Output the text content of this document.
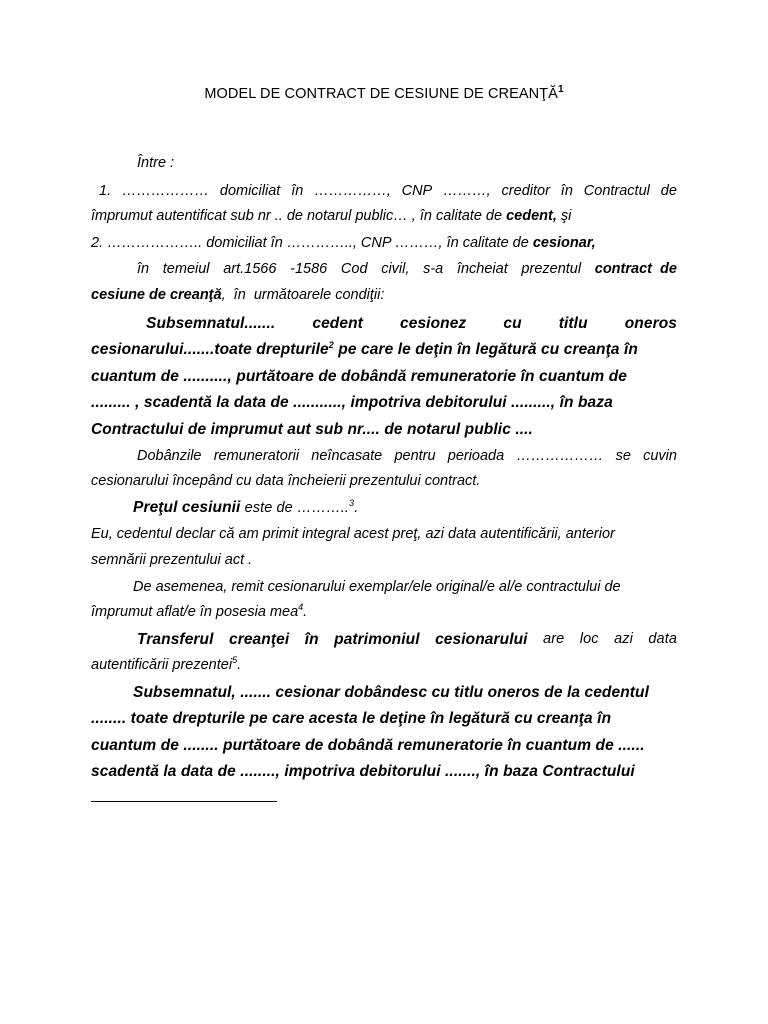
MODEL DE CONTRACT DE CESIUNE DE CREANŢĂ$^1$
Între :
1. ……………… domiciliat în ……………, CNP ………, creditor în Contractul de
împrumut autentificat sub nr .. de notarul public… , în calitate de cedent, şi
2. ……………….. domiciliat în ………….., CNP ………, în calitate de cesionar,
în temeiul art.1566 -1586 Cod civil, s-a încheiat prezentul contract  de
cesiune de creanţă,  în  următoarele condiţii:
Subsemnatul....... cedent cesionez cu titlu oneros
cesionarului.......toate drepturile$^2$ pe care le deţin în legătură cu creanţa în
cuantum de .........., purtătoare de dobândă remuneratorie în cuantum de
......... , scadentă la data de ..........., impotriva debitorului ........., în baza
Contractului de imprumut aut sub nr.... de notarul public ....
Dobânzile remuneratorii neîncasate pentru perioada ……………… se cuvin
cesionarului începând cu data încheierii prezentului contract.
Preţul cesiunii este de ………..$^3$.
Eu, cedentul declar că am primit integral acest preţ, azi data autentificării, anterior
semnării prezentului act .
De asemenea, remit cesionarului exemplar/ele original/e al/e contractului de
împrumut aflat/e în posesia mea$^4$.
Transferul creanţei în patrimoniul cesionarului are loc azi data
autentificării prezentei$^5$.
Subsemnatul, ....... cesionar dobândesc cu titlu oneros de la cedentul
........ toate drepturile pe care acesta le deţine în legătură cu creanţa în
cuantum de ........ purtătoare de dobândă remuneratorie în cuantum de ......
scadentă la data de ........, impotriva debitorului ......., în baza Contractului
